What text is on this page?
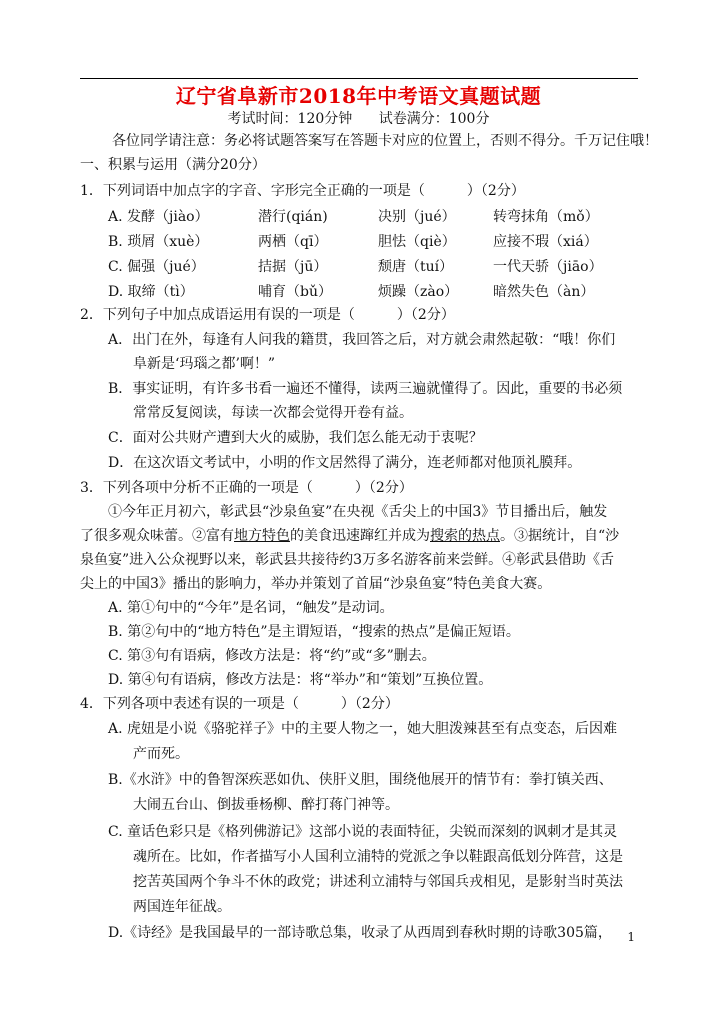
辽宁省阜新市2018年中考语文真题试题
考试时间：120分钟 试卷满分：100分
各位同学请注意：务必将试题答案写在答题卡对应的位置上，否则不得分。千万记住哦！
一、积累与运用（满分20分）
1．下列词语中加点字的字音、字形完全正确的一项是（　　　）（2分）
A. 发酵（jiào）	潜行(qián)	决别（jué）	转弯抹角（mǒ）
B. 琐屑（xuè）	两栖（qī）	胆怯（qiè）	应接不瑕（xiá）
C. 倔强（jué）	拮据（jū）	颓唐（tuí）	一代天骄（jiāo）
D. 取缔（tì）	哺育（bǔ）	烦躁（zào） 暗然失色（àn）
2．下列句子中加点成语运用有误的一项是（　　　）（2分）
A．出门在外，每逢有人问我的籍贯，我回答之后，对方就会肃然起敬：“哦！你们
阜新是‘玛瑙之都’啊！”
B．事实证明，有许多书看一遍还不懂得，读两三遍就懂得了。因此，重要的书必须
常常反复阅读，每读一次都会觉得开卷有益。
C．面对公共财产遭到大火的威胁，我们怎么能无动于衷呢？
D．在这次语文考试中，小明的作文居然得了满分，连老师都对他顶礼膜拜。
3．下列各项中分析不正确的一项是（　　　）（2分）
①今年正月初六，彰武县“沙泉鱼宴”在央视《舌尖上的中国3》节目播出后，触发
了很多观众味蕾。②富有地方特色的美食迅速蹿红并成为搜索的热点。③据统计，自“沙
泉鱼宴”进入公众视野以来，彰武县共接待约3万多名游客前来尝鲜。④彰武县借助《舌
尖上的中国3》播出的影响力，举办并策划了首届“沙泉鱼宴”特色美食大赛。
A. 第①句中的“今年”是名词，“触发”是动词。
B. 第②句中的“地方特色”是主谓短语，“搜索的热点”是偏正短语。
C. 第③句有语病，修改方法是：将“约”或“多”删去。
D. 第④句有语病，修改方法是：将“举办”和“策划”互换位置。
4．下列各项中表述有误的一项是（　　　）（2分）
A. 虎妞是小说《骆驼祥子》中的主要人物之一，她大胆泼辣甚至有点变态，后因难
产而死。
B.《水浒》中的鲁智深疾恶如仇、侠肝义胆，围绕他展开的情节有：拳打镇关西、
大闹五台山、倒拔垂杨柳、醉打蒋门神等。
C. 童话色彩只是《格列佛游记》这部小说的表面特征，尖锐而深刻的讽刺才是其灵
魂所在。比如，作者描写小人国利立浦特的党派之争以鞋跟高低划分阵营，这是
挖苦英国两个争斗不休的政党；讲述利立浦特与邻国兵戎相见，是影射当时英法
两国连年征战。
D.《诗经》是我国最早的一部诗歌总集，收录了从西周到春秋时期的诗歌305篇， 1
